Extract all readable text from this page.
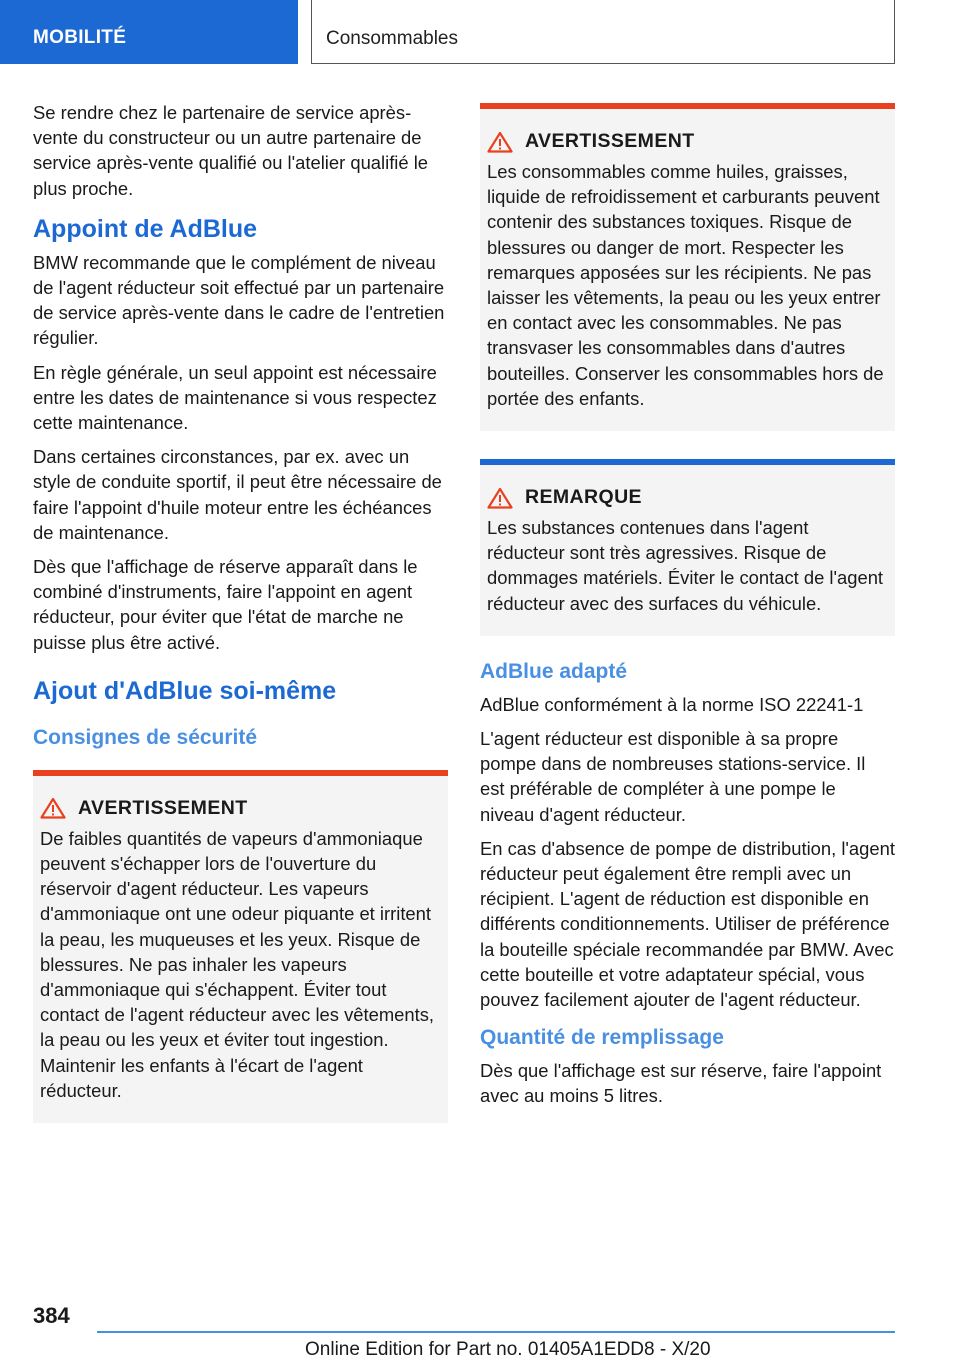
MOBILITÉ	Consommables

Se rendre chez le partenaire de service après-vente du constructeur ou un autre partenaire de service après-vente qualifié ou l'atelier qualifié le plus proche.

Appoint de AdBlue

BMW recommande que le complément de niveau de l'agent réducteur soit effectué par un partenaire de service après-vente dans le cadre de l'entretien régulier.

En règle générale, un seul appoint est nécessaire entre les dates de maintenance si vous respectez cette maintenance.

Dans certaines circonstances, par ex. avec un style de conduite sportif, il peut être nécessaire de faire l'appoint d'huile moteur entre les échéances de maintenance.

Dès que l'affichage de réserve apparaît dans le combiné d'instruments, faire l'appoint en agent réducteur, pour éviter que l'état de marche ne puisse plus être activé.

Ajout d'AdBlue soi-même
Consignes de sécurité
AVERTISSEMENT

De faibles quantités de vapeurs d'ammoniaque peuvent s'échapper lors de l'ouverture du réservoir d'agent réducteur. Les vapeurs d'ammoniaque ont une odeur piquante et irritent la peau, les muqueuses et les yeux. Risque de blessures. Ne pas inhaler les vapeurs d'ammoniaque qui s'échappent. Éviter tout contact de l'agent réducteur avec les vêtements, la peau ou les yeux et éviter tout ingestion. Maintenir les enfants à l'écart de l'agent réducteur.

AVERTISSEMENT

Les consommables comme huiles, graisses, liquide de refroidissement et carburants peuvent contenir des substances toxiques. Risque de blessures ou danger de mort. Respecter les remarques apposées sur les récipients. Ne pas laisser les vêtements, la peau ou les yeux entrer en contact avec les consommables. Ne pas transvaser les consommables dans d'autres bouteilles. Conserver les consommables hors de portée des enfants.

REMARQUE

Les substances contenues dans l'agent réducteur sont très agressives. Risque de dommages matériels. Éviter le contact de l'agent réducteur avec des surfaces du véhicule.

AdBlue adapté

AdBlue conformément à la norme ISO 22241-1

L'agent réducteur est disponible à sa propre pompe dans de nombreuses stations-service. Il est préférable de compléter à une pompe le niveau d'agent réducteur.

En cas d'absence de pompe de distribution, l'agent réducteur peut également être rempli avec un récipient. L'agent de réduction est disponible en différents conditionnements. Utiliser de préférence la bouteille spéciale recommandée par BMW. Avec cette bouteille et votre adaptateur spécial, vous pouvez facilement ajouter de l'agent réducteur.

Quantité de remplissage

Dès que l'affichage est sur réserve, faire l'appoint avec au moins 5 litres.

384
Online Edition for Part no. 01405A1EDD8 - X/20
